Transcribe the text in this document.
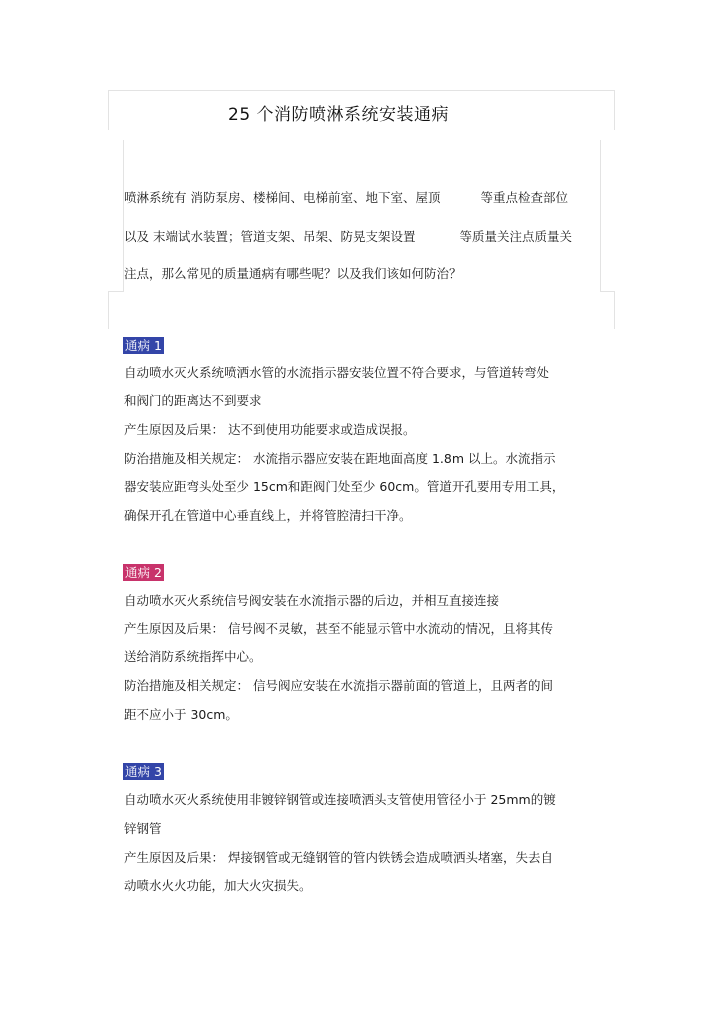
25 个消防喷淋系统安装通病
喷淋系统有 消防泵房、楼梯间、电梯前室、地下室、屋顶	等重点检查部位
以及 末端试水装置；管道支架、吊架、防晃支架设置	等质量关注点质量关
注点，那么常见的质量通病有哪些呢？以及我们该如何防治？
通病 1
自动喷水灭火系统喷洒水管的水流指示器安装位置不符合要求，与管道转弯处
和阀门的距离达不到要求
产生原因及后果： 达不到使用功能要求或造成误报。
防治措施及相关规定： 水流指示器应安装在距地面高度 1.8m 以上。水流指示
器安装应距弯头处至少 15cm和距阀门处至少 60cm。管道开孔要用专用工具，
确保开孔在管道中心垂直线上，并将管腔清扫干净。
通病 2
自动喷水灭火系统信号阀安装在水流指示器的后边，并相互直接连接
产生原因及后果： 信号阀不灵敏，甚至不能显示管中水流动的情况，且将其传
送给消防系统指挥中心。
防治措施及相关规定： 信号阀应安装在水流指示器前面的管道上，且两者的间
距不应小于 30cm。
通病 3
自动喷水灭火系统使用非镀锌钢管或连接喷洒头支管使用管径小于 25mm的镀
锌钢管
产生原因及后果： 焊接钢管或无缝钢管的管内铁锈会造成喷洒头堵塞，失去自
动喷水火火功能，加大火灾损失。
